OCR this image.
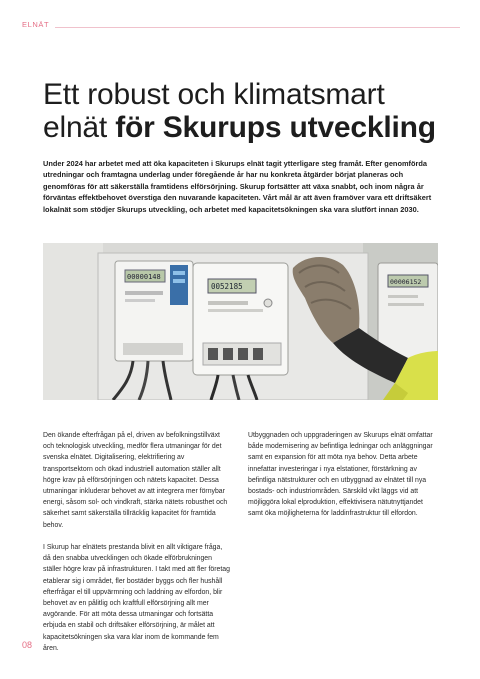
ELNÄT
Ett robust och klimatsmart
elnät för Skurups utveckling

Under 2024 har arbetet med att öka kapaciteten i Skurups elnät tagit ytterligare steg framåt. Efter genomförda utredningar och framtagna underlag under föregående år har nu konkreta åtgärder börjat planeras och genomföras för att säkerställa framtidens elförsörjning. Skurup fortsätter att växa snabbt, och inom några år förväntas effektbehovet överstiga den nuvarande kapaciteten. Vårt mål är att även framöver vara ett driftsäkert lokalnät som stödjer Skurups utveckling, och arbetet med kapacitetsökningen ska vara slutfört innan 2030.

00000148
0052185	00006152

Den ökande efterfrågan på el, driven av befolkningstillväxt och teknologisk utveckling, medför flera utmaningar för det svenska elnätet. Digitalisering, elektrifiering av transportsektorn och ökad industriell automation ställer allt högre krav på elförsörjningen och nätets kapacitet. Dessa utmaningar inkluderar behovet av att integrera mer förnybar energi, såsom sol- och vindkraft, stärka nätets robusthet och säkerhet samt säkerställa tillräcklig kapacitet för framtida behov.

I Skurup har elnätets prestanda blivit en allt viktigare fråga, då den snabba utvecklingen och ökade elförbrukningen ställer högre krav på infrastrukturen. I takt med att fler företag etablerar sig i området, fler bostäder byggs och fler hushåll efterfrågar el till uppvärmning och laddning av elfordon, blir behovet av en pålitlig och kraftfull elförsörjning allt mer avgörande. För att möta dessa utmaningar och fortsätta erbjuda en stabil och driftsäker elförsörjning, är målet att kapacitetsökningen ska vara klar inom de kommande fem åren.

Utbyggnaden och uppgraderingen av Skurups elnät omfattar både modernisering av befintliga ledningar och anläggningar samt en expansion för att möta nya behov. Detta arbete innefattar investeringar i nya elstationer, förstärkning av befintliga nätstrukturer och en utbyggnad av elnätet till nya bostads- och industriområden. Särskild vikt läggs vid att möjliggöra lokal elproduktion, effektivisera nätutnyttjandet samt öka möjligheterna för laddinfrastruktur till elfordon.

08
